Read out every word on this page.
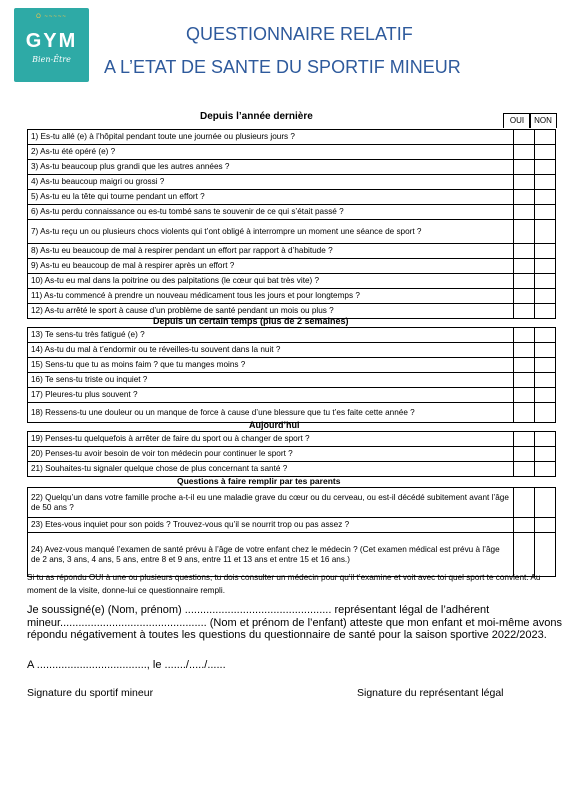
O ~~~~~
GYM
Bien-Être
QUESTIONNAIRE RELATIF
A L’ETAT DE SANTE DU SPORTIF MINEUR
Depuis l’année dernière	OUI	NON
1) Es-tu allé (e) à l’hôpital pendant toute une journée ou plusieurs jours ?		
2) As-tu été opéré (e) ?		
3) As-tu beaucoup plus grandi que les autres années ?		
4) As-tu beaucoup maigri ou grossi ?		
5) As-tu eu la tête qui tourne pendant un effort ?		
6) As-tu perdu connaissance ou es-tu tombé sans te souvenir de ce qui s’était passé ?		
7) As-tu reçu un ou plusieurs chocs violents qui t’ont obligé à interrompre un moment une séance de sport ?		
8) As-tu eu beaucoup de mal à respirer pendant un effort par rapport à d’habitude ?		
9) As-tu eu beaucoup de mal à respirer après un effort ?		
10) As-tu eu mal dans la poitrine ou des palpitations (le cœur qui bat très vite) ?		
11) As-tu commencé à prendre un nouveau médicament tous les jours et pour longtemps ?		
12) As-tu arrêté le sport à cause d’un problème de santé pendant un mois ou plus ?		
Depuis un certain temps (plus de 2 semaines)
13) Te sens-tu très fatigué (e) ?		
14) As-tu du mal à t’endormir ou te réveilles-tu souvent dans la nuit ?		
15) Sens-tu que tu as moins faim ? que tu manges moins ?		
16) Te sens-tu triste ou inquiet ?		
17) Pleures-tu plus souvent ?		
18) Ressens-tu une douleur ou un manque de force à cause d’une blessure que tu t’es faite cette année ?		
Aujourd’hui
19) Penses-tu quelquefois à arrêter de faire du sport ou à changer de sport ?		
20) Penses-tu avoir besoin de voir ton médecin pour continuer le sport ?		
21) Souhaites-tu signaler quelque chose de plus concernant ta santé ?		
Questions à faire remplir par tes parents
22) Quelqu’un dans votre famille proche a-t-il eu une maladie grave du cœur ou du cerveau, ou est-il décédé subitement avant l’âge de 50 ans ?		
23) Etes-vous inquiet pour son poids ? Trouvez-vous qu’il se nourrit trop ou pas assez ?		
24) Avez-vous manqué l’examen de santé prévu à l’âge de votre enfant chez le médecin ? (Cet examen médical est prévu à l’âge de 2 ans, 3 ans, 4 ans, 5 ans, entre 8 et 9 ans, entre 11 et 13 ans et entre 15 et 16 ans.)		
Si tu as répondu OUI à une ou plusieurs questions, tu dois consulter un médecin pour qu’il t’examine et voit avec toi quel sport te convient. Au moment de la visite, donne-lui ce questionnaire rempli.
Je soussigné(e) (Nom, prénom) ................................................ représentant légal de l’adhérent mineur................................................ (Nom et prénom de l’enfant) atteste que mon enfant et moi-même avons répondu négativement à toutes les questions du questionnaire de santé pour la saison sportive 2022/2023.
A ...................................., le ......./...../......
Signature du sportif mineur	Signature du représentant légal
